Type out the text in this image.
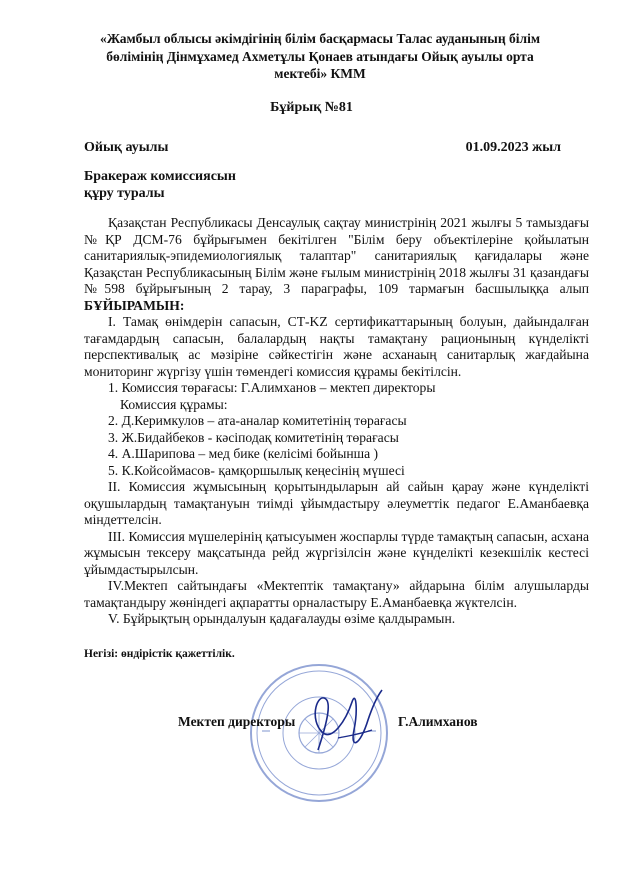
«Жамбыл облысы әкімдігінің білім басқармасы Талас ауданының білім
бөлімінің Дінмұхамед Ахметұлы Қонаев атындағы Ойық ауылы орта
мектебі» КММ
Бұйрық №81
Ойық ауылы	01.09.2023 жыл
Бракераж комиссиясын
құру туралы

Қазақстан Республикасы Денсаулық сақтау министрінің 2021 жылғы 5 тамыздағы №ҚР ДСМ-76 бұйрығымен бекітілген "Білім беру объектілеріне қойылатын санитариялық-эпидемиологиялық талаптар" санитариялық қағидалары және Қазақстан Республикасының Білім және ғылым министрінің 2018 жылғы 31 қазандағы №598 бұйрығының 2 тарау, 3 параграфы, 109 тармағын басшылыққа алып БҰЙЫРАМЫН:

I. Тамақ өнімдерін сапасын, СТ-KZ сертификаттарының болуын, дайындалған тағамдардың сапасын, балалардың нақты тамақтану рационының күнделікті перспективалық ас мәзіріне сәйкестігін және асханаың санитарлық жағдайына мониторинг жүргізу үшін төмендегі комиссия құрамы бекітілсін.

1. Комиссия төрағасы: Г.Алимханов – мектеп директоры

Комиссия құрамы:

2. Д.Керимкулов – ата-аналар комитетінің төрағасы

3. Ж.Бидайбеков - кәсіподақ комитетінің төрағасы

4. А.Шарипова – мед бике (келісімі бойынша )

5. К.Койсоймасов- қамқоршылық кеңесінің мүшесі

II. Комиссия жұмысының қорытындыларын ай сайын қарау және күнделікті оқушылардың тамақтануын тиімді ұйымдастыру әлеуметтік педагог Е.Аманбаевқа міндеттелсін.

III. Комиссия мүшелерінің қатысуымен жоспарлы түрде тамақтың сапасын, асхана жұмысын тексеру мақсатында рейд жүргізілсін және күнделікті кезекшілік кестесі ұйымдастырылсын.

IV.Мектеп сайтындағы «Мектептік тамақтану» айдарына білім алушыларды тамақтандыру жөніндегі ақпаратты орналастыру Е.Аманбаевқа жүктелсін.

V. Бұйрықтың орындалуын қадағалауды өзіме қалдырамын.

Негізі: өндірістік қажеттілік.
Мектеп директоры	Г.Алимханов
